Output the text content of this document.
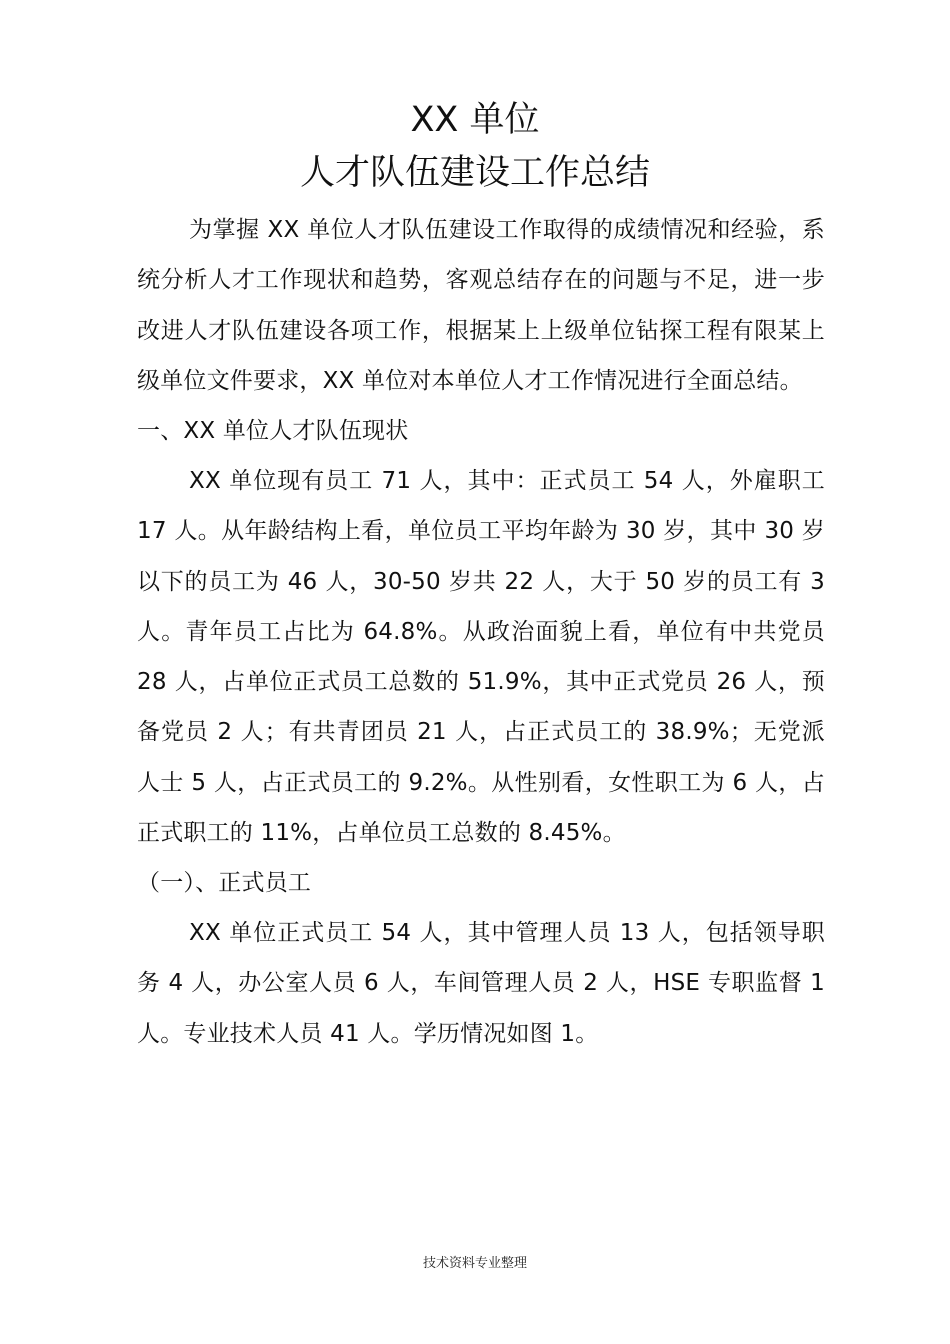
XX 单位
人才队伍建设工作总结

为掌握 XX 单位人才队伍建设工作取得的成绩情况和经验，系统分析人才工作现状和趋势，客观总结存在的问题与不足，进一步改进人才队伍建设各项工作，根据某上上级单位钻探工程有限某上级单位文件要求，XX 单位对本单位人才工作情况进行全面总结。

一、XX 单位人才队伍现状

XX 单位现有员工 71 人，其中：正式员工 54 人，外雇职工 17 人。从年龄结构上看，单位员工平均年龄为 30 岁，其中 30 岁以下的员工为 46 人，30-50 岁共 22 人，大于 50 岁的员工有 3 人。青年员工占比为 64.8%。从政治面貌上看，单位有中共党员 28 人，占单位正式员工总数的 51.9%，其中正式党员 26 人，预备党员 2 人；有共青团员 21 人，占正式员工的 38.9%；无党派人士 5 人，占正式员工的 9.2%。从性别看，女性职工为 6 人，占正式职工的 11%，占单位员工总数的 8.45%。

（一）、正式员工

XX 单位正式员工 54 人，其中管理人员 13 人，包括领导职务 4 人，办公室人员 6 人，车间管理人员 2 人，HSE 专职监督 1 人。专业技术人员 41 人。学历情况如图 1。

技术资料专业整理
